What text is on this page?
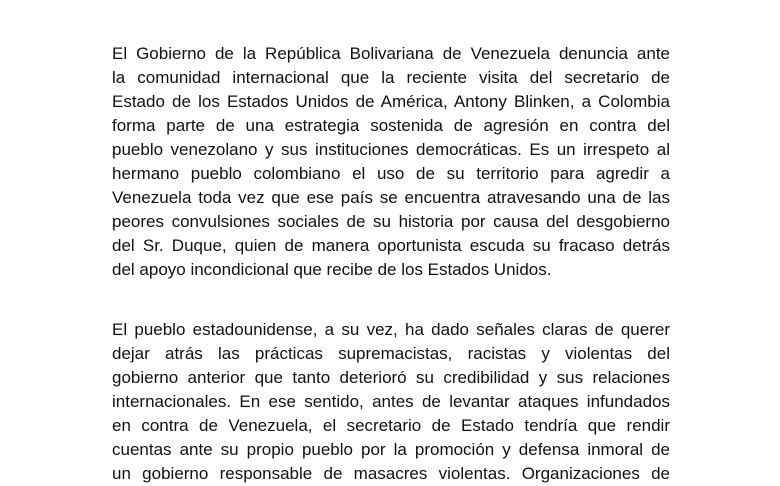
El Gobierno de la República Bolivariana de Venezuela denuncia ante
la comunidad internacional que la reciente visita del secretario de
Estado de los Estados Unidos de América, Antony Blinken, a Colombia
forma parte de una estrategia sostenida de agresión en contra del
pueblo venezolano y sus instituciones democráticas. Es un irrespeto al
hermano pueblo colombiano el uso de su territorio para agredir a
Venezuela toda vez que ese país se encuentra atravesando una de las
peores convulsiones sociales de su historia por causa del desgobierno
del Sr. Duque, quien de manera oportunista escuda su fracaso detrás
del apoyo incondicional que recibe de los Estados Unidos.
El pueblo estadounidense, a su vez, ha dado señales claras de querer
dejar atrás las prácticas supremacistas, racistas y violentas del
gobierno anterior que tanto deterioró su credibilidad y sus relaciones
internacionales. En ese sentido, antes de levantar ataques infundados
en contra de Venezuela, el secretario de Estado tendría que rendir
cuentas ante su propio pueblo por la promoción y defensa inmoral de
un gobierno responsable de masacres violentas. Organizaciones de
